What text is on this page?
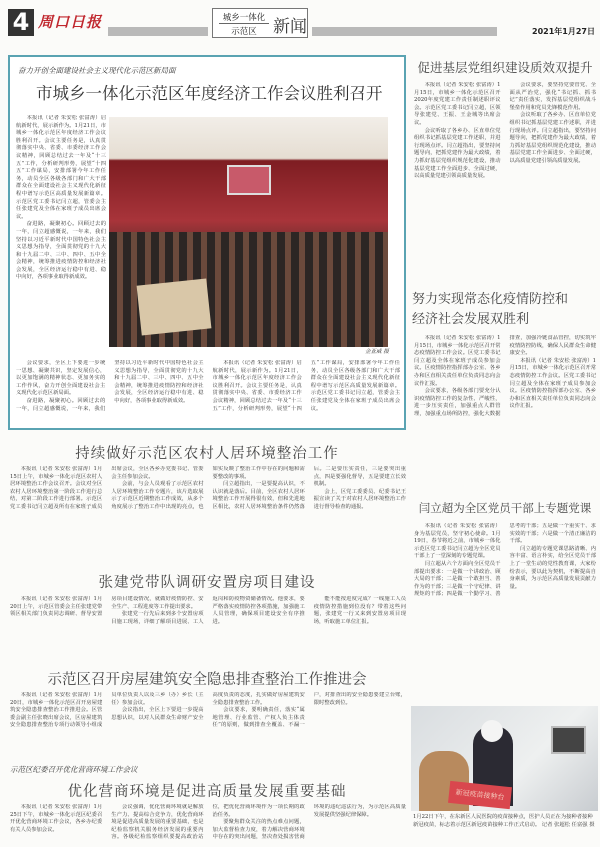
4 周口日报	城乡一体化
示范区 新闻	2021年1月27日
奋力开创全面建设社会主义现代化示范区新局面
市城乡一体化示范区年度经济工作会议胜利召开

本报讯（记者 朱安松 张富涛）启航新时代，展示新作为。1月21日，市城乡一体化示范区年度经济工作会议胜利召开。会议主要任务是，认真贯彻落实中央、省委、市委经济工作会议精神，回顾总结过去一年及“十三五”工作，分析研判形势，展望“十四五”工作谋局，安排部署今年工作任务，动员全区各级各部门和广大干部群众在全面建设社会主义现代化新征程中谱写示范区高质量发展新篇章。示范区党工委书记闫立超，管委会主任张建党及全体在家班子成员出席会议。

奋进路，凝聚初心。回顾过去的一年，闫立超感慨说，一年来，我们坚持以习近平新时代中国特色社会主义思想为指导，全面贯彻党的十九大和十九届二中、三中、四中、五中全会精神，统筹推进疫情防控和经济社会发展，全区经济运行稳中有进、稳中向好，各项事业取得新成效。

金亚威 摄

会议要求，全区上下要进一步统一思想、凝聚共识，坚定发展信心，以更加饱满的精神状态、更加务实的工作作风，奋力开创全面建设社会主义现代化示范区新局面。

奋进路，凝聚初心。回顾过去的一年，闫立超感慨说，一年来，我们坚持以习近平新时代中国特色社会主义思想为指导，全面贯彻党的十九大和十九届二中、三中、四中、五中全会精神，统筹推进疫情防控和经济社会发展，全区经济运行稳中有进、稳中向好，各项事业取得新成效。

本报讯（记者 朱安松 张富涛）启航新时代，展示新作为。1月21日，市城乡一体化示范区年度经济工作会议胜利召开。会议主要任务是，认真贯彻落实中央、省委、市委经济工作会议精神，回顾总结过去一年及“十三五”工作，分析研判形势，展望“十四五”工作谋局，安排部署今年工作任务，动员全区各级各部门和广大干部群众在全面建设社会主义现代化新征程中谱写示范区高质量发展新篇章。示范区党工委书记闫立超，管委会主任张建党及全体在家班子成员出席会议。

促进基层党组织建设质效双提升

本报讯（记者 朱安松 张富涛）1月15日，市城乡一体化示范区召开2020年度党建工作责任制述职评议会。示范区党工委书记闫立超，区领导张建党、王振、王金城等出席会议。

会议听取了各乡办、区直单位党组织书记抓基层党建工作述职，并进行现场点评。闫立超指出，要坚持问题导向，把抓党建作为最大政绩，着力抓好基层党组织规范化建设，推动基层党建工作全面进步、全面过硬，以高质量党建引领高质量发展。

会议要求，要坚持党要管党、全面从严治党，强化“书记抓、抓书记”责任落实，发挥基层党组织战斗堡垒作用和党员先锋模范作用。

会议听取了各乡办、区直单位党组织书记抓基层党建工作述职，并进行现场点评。闫立超指出，要坚持问题导向，把抓党建作为最大政绩，着力抓好基层党组织规范化建设，推动基层党建工作全面进步、全面过硬，以高质量党建引领高质量发展。

努力实现常态化疫情防控和经济社会发展双胜利

本报讯（记者 朱安松 张富涛）1月15日，市城乡一体化示范区召开常态疫情防控工作会议。区党工委书记闫立超及全体在家班子成员参加会议。区疫情防控指挥部办公室、各乡办和区直相关责任单位负责同志向会议作汇报。

会议要求，各级各部门要充分认识疫情防控工作的复杂性、严峻性，进一步压实责任，加强重点人群管理，加强重点场所防控，强化大数据排查，加强冷链食品管控，切实筑牢疫情防控防线，确保人民群众生命健康安全。

本报讯（记者 朱安松 张富涛）1月15日，市城乡一体化示范区召开常态疫情防控工作会议。区党工委书记闫立超及全体在家班子成员参加会议。区疫情防控指挥部办公室、各乡办和区直相关责任单位负责同志向会议作汇报。

闫立超为全区党员干部上专题党课

本报讯（记者 朱安松 张富涛）身为基层党员，坚守初心使命。1月19日，春节将近之前，市城乡一体化示范区党工委书记闫立超为全区党员干部上了一堂深刻的专题党课。

闫立超从六个方面向全区党员干部提出要求：一是做一个讲政治、顾大局的干部；二是做一个敢担当、善作为的干部；三是做一个守纪律、讲规矩的干部；四是做一个勤学习、善思考的干部；五是做一个重实干、求实效的干部；六是做一个清正廉洁的干部。

闫立超的专题党课思路清晰、内容丰富、语言朴实，给全区党员干部上了一堂生动的党性教育课，大家纷纷表示，要以此为契机，不断提高自身素质，为示范区高质量发展贡献力量。

新冠疫苗接种台
1月22日下午，在东新区人民医院的疫苗接种点，医护人员正在为接种者接种新冠疫苗，标志着示范区新冠疫苗接种工作正式启动。 记者 张超松 任富强 摄
持续做好示范区农村人居环境整治工作

本报讯（记者 朱安松 张富涛）1月15日上午，市城乡一体化示范区农村人居环境整治工作会议召开。会议对全区农村人居环境整治第一阶段工作进行总结，对第二阶段工作进行部署。示范区党工委书记闫立超及所有在家班子成员出席会议，全区各乡办党委书记、管委会主任参加会议。

会前，与会人员观看了示范区农村人居环境整治工作专题片，该片选取展示了示范区近期整治工作成效，从多个角度展示了整治工作中出现的亮点，也如实反映了整治工作中存在的问题和需要整改的事项。

闫立超指出，一是要提高认识，不认识就是落后。目前，全区农村人居环境整治工作开展得很有效，但和先进地区相比，农村人居环境整治条件仍然落后。二是要压实责任，三是要突出重点，四是要强化督导，五是要建立长效机制。

会上，区党工委委员、纪委书记王振宣读了关于对农村人居环境整治工作进行督导检查的通报。

张建党带队调研安置房项目建设

本报讯（记者 朱安松 张富涛）1月20日上午，示范区管委会主任张建党带领区相关部门负责同志调研、督导安置房项目建设情况，就做好疫情防控、安全生产、工程进度等工作提出要求。

张建党一行先后来到多个安置房项目施工现场，详细了解项目进展、工人返岗和防疫物资储备情况。他要求，要严格落实疫情防控各项措施，加强施工人员管理，确保项目建设安全有序推进。

能不能按进度完成？一线施工人员疫情防控措施到位没有？带着这些问题，张建党一行又来到安置房项目现场，听取施工单位汇报。

示范区召开房屋建筑安全隐患排查整治工作推进会

本报讯（记者 朱安松 张富涛）1月20日，市城乡一体化示范区召开房屋建筑安全隐患排查整治工作推进会。区管委会副主任张晓出席会议，区房屋建筑安全隐患排查整治专项行动领导小组成员单位负责人以及三乡（办）乡长（主任）参加会议。

会议指出，全区上下要进一步提高思想认识，以对人民群众生命财产安全高度负责的态度，扎实做好房屋建筑安全隐患排查整治工作。

会议要求，要明确责任，落实“属地管理、行业监管、产权人负主体责任”的原则，做到排查全覆盖、不漏一户，对排查出的安全隐患要建立台账，限时整改到位。

示范区纪委召开优化营商环境工作会议
优化营商环境是促进高质量发展重要基础

本报讯（记者 朱安松 张富涛）1月25日下午，市城乡一体化示范区纪委召开优化营商环境工作会议，各乡办纪委有关人员参加会议。

会议强调，优化营商环境就是解放生产力、提高综合竞争力，优化营商环境是促进高质量发展的重要基础，也是纪检监察机关服务经济发展的重要内容。各级纪检监察组织要提高政治站位，把优化营商环境作为一项长期的政治任务。

要聚焦群众关注的热点难点问题，加大监督检查力度，着力解决营商环境中存在的突出问题，坚决查处损害营商环境的违纪违法行为，为示范区高质量发展提供坚强纪律保障。
